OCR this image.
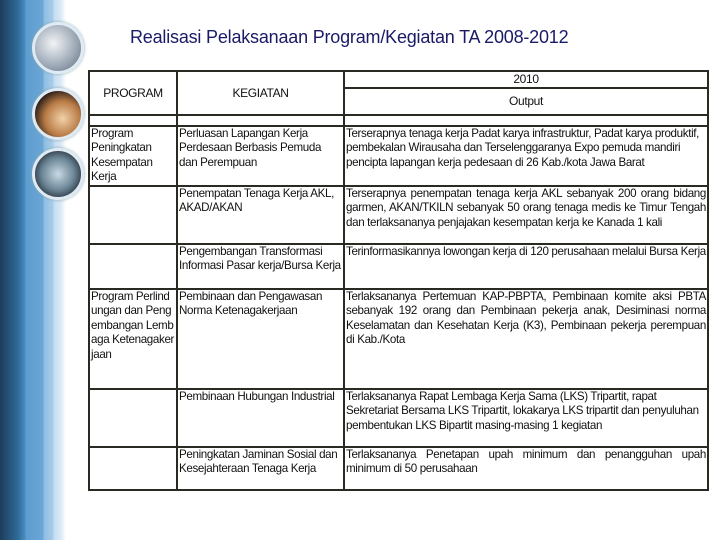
Realisasi Pelaksanaan Program/Kegiatan TA 2008-2012
PROGRAM	KEGIATAN	2010
		Output

Program Peningkatan Kesempatan Kerja	Perluasan Lapangan Kerja Perdesaan Berbasis Pemuda dan Perempuan	Terserapnya tenaga kerja Padat karya infrastruktur, Padat karya produktif, pembekalan Wirausaha dan Terselenggaranya Expo pemuda mandiri pencipta lapangan kerja pedesaan di 26 Kab./kota Jawa Barat
	Penempatan Tenaga Kerja AKL, AKAD/AKAN	Terserapnya penempatan tenaga kerja AKL sebanyak 200 orang bidang garmen, AKAN/TKILN sebanyak 50 orang tenaga medis ke Timur Tengah dan terlaksananya penjajakan kesempatan kerja ke Kanada 1 kali
	Pengembangan Transformasi Informasi Pasar kerja/Bursa Kerja	Terinformasikannya lowongan kerja di 120 perusahaan melalui Bursa Kerja
Program Perlindungan dan Pengembangan Lembaga Ketenagakerjaan	Pembinaan dan Pengawasan Norma Ketenagakerjaan	Terlaksananya Pertemuan KAP-PBPTA, Pembinaan komite aksi PBTA sebanyak 192 orang dan Pembinaan pekerja anak, Desiminasi norma Keselamatan dan Kesehatan Kerja (K3), Pembinaan pekerja perempuan di Kab./Kota
	Pembinaan Hubungan Industrial	Terlaksananya Rapat Lembaga Kerja Sama (LKS) Tripartit, rapat Sekretariat Bersama LKS Tripartit, lokakarya LKS tripartit dan penyuluhan pembentukan LKS Bipartit masing-masing 1 kegiatan
	Peningkatan Jaminan Sosial dan Kesejahteraan Tenaga Kerja	Terlaksananya Penetapan upah minimum dan penangguhan upah minimum di 50 perusahaan
